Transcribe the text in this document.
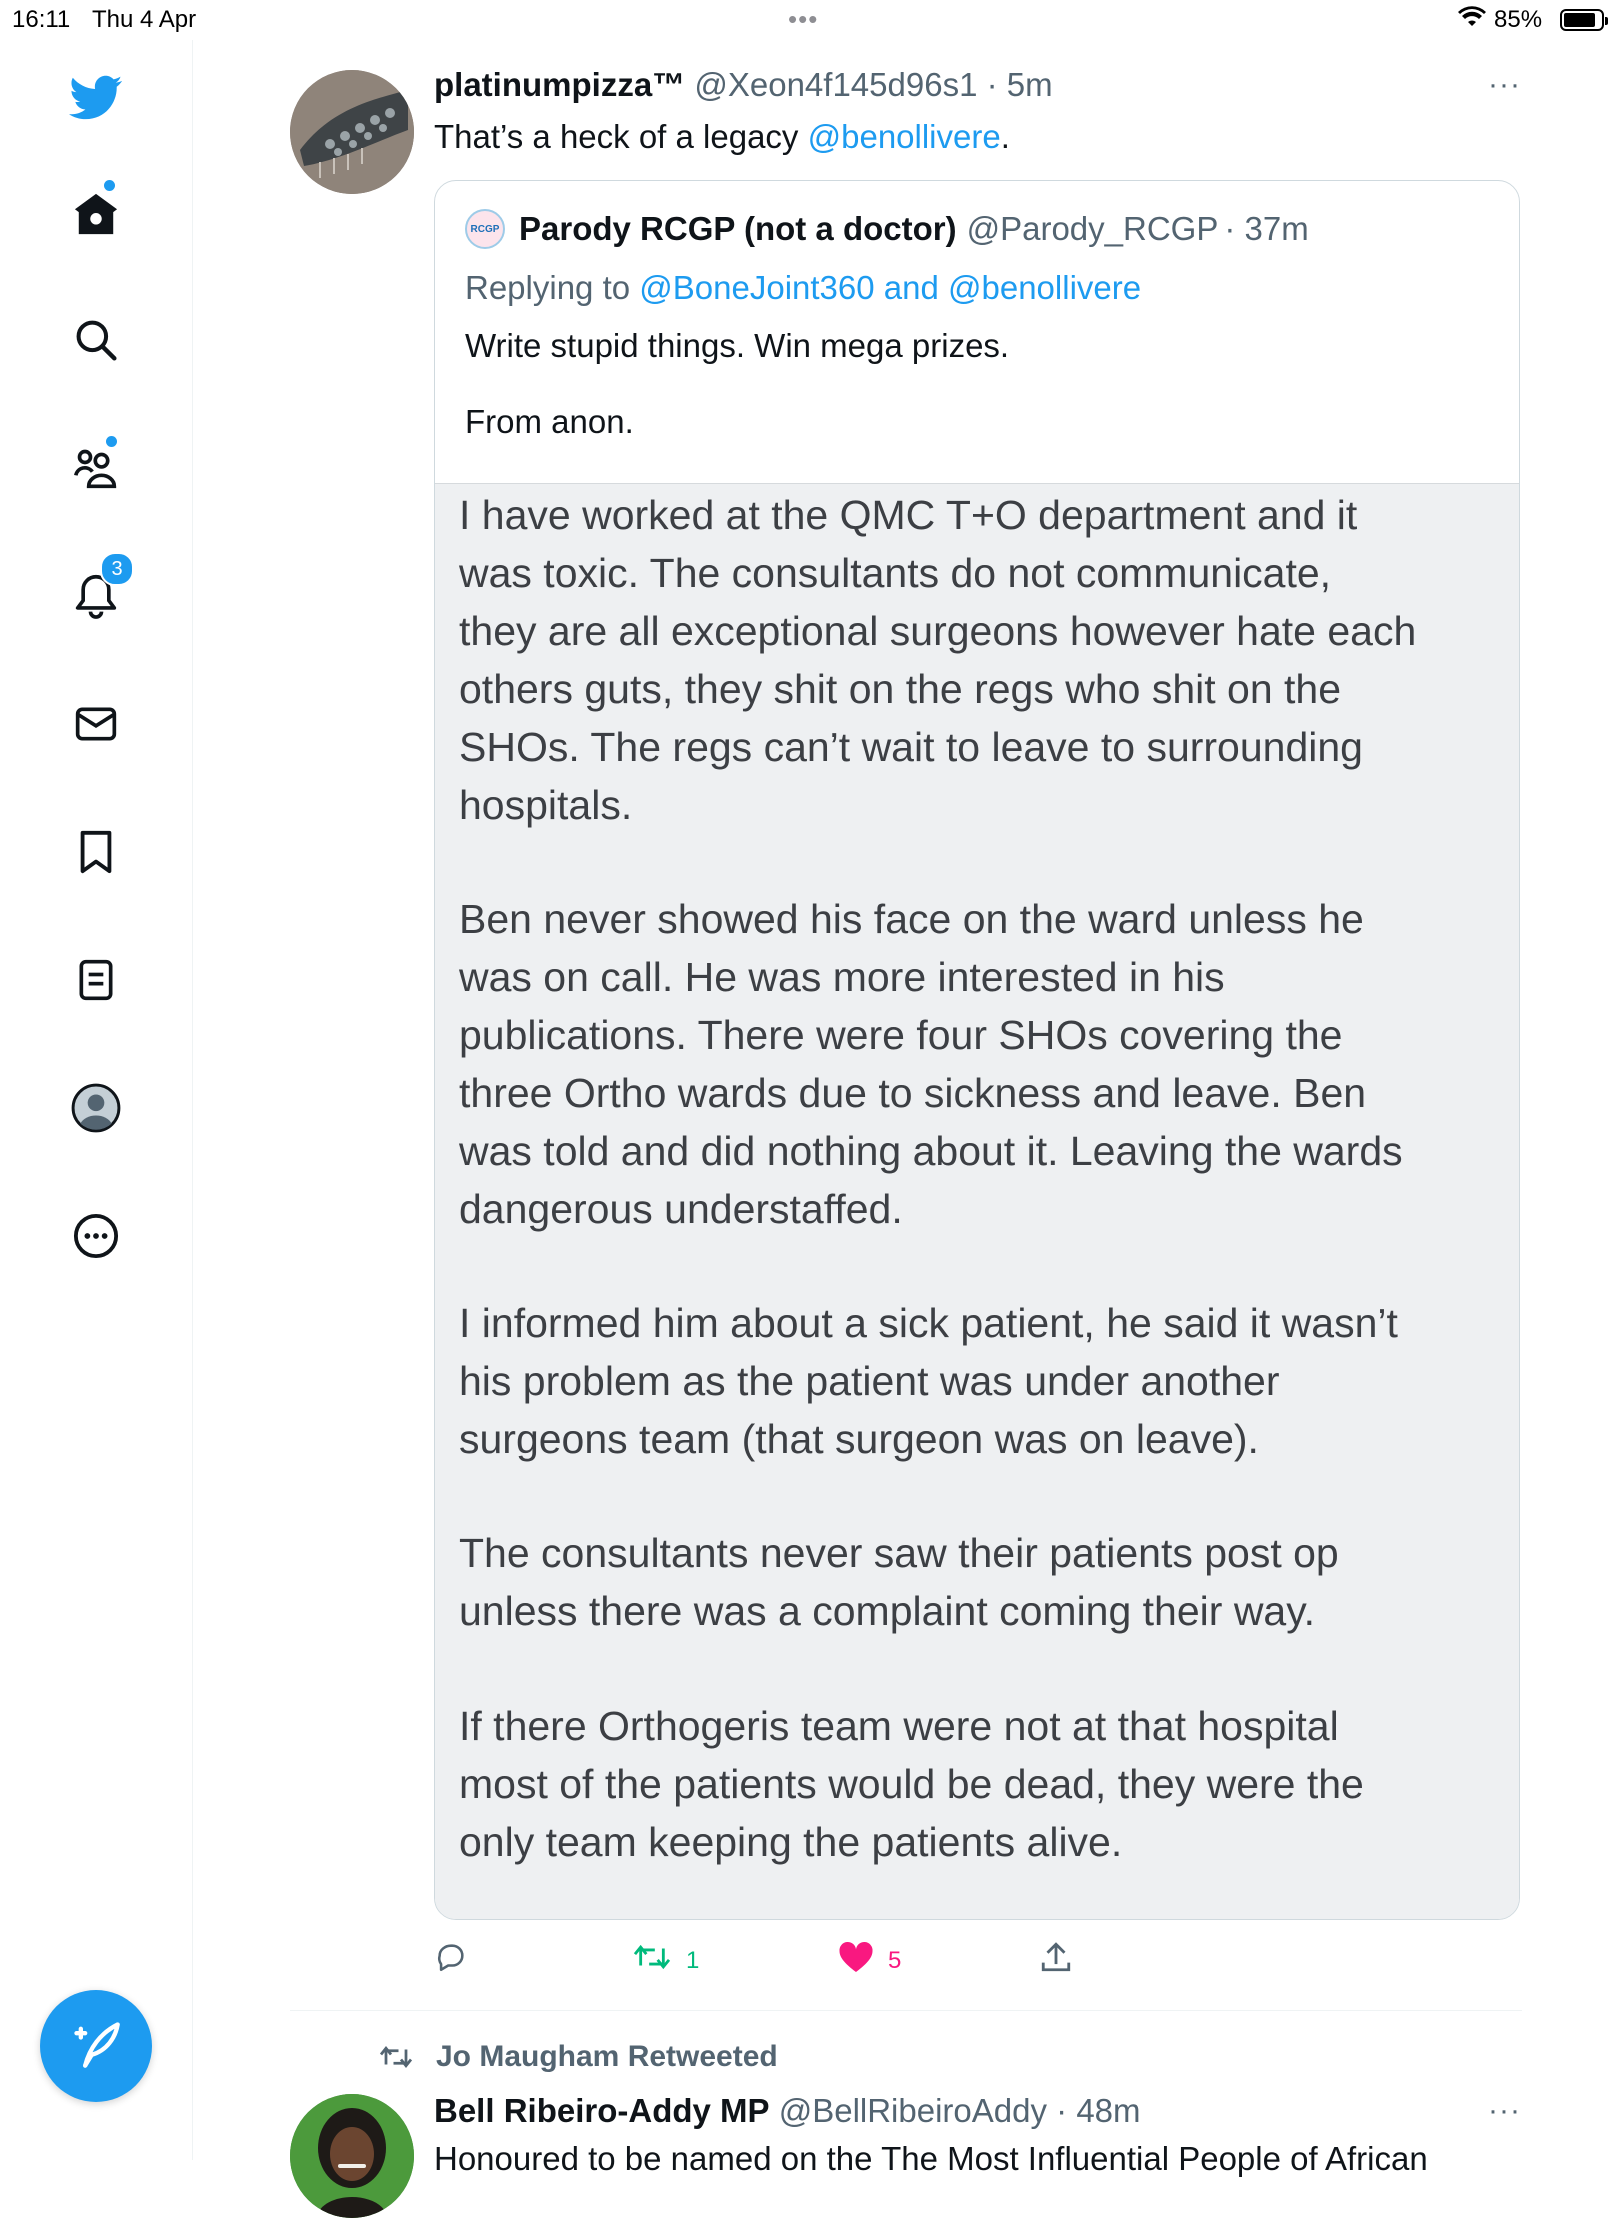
16:11 Thu 4 Apr	•••	85%
3
platinumpizza™ @Xeon4f145d96s1 · 5m	···
That’s a heck of a legacy @benollivere.
RCGP Parody RCGP (not a doctor) @Parody_RCGP · 37m
Replying to @BoneJoint360 and @benollivere
Write stupid things. Win mega prizes.
From anon.
I have worked at the QMC T+O department and it
was toxic. The consultants do not communicate,
they are all exceptional surgeons however hate each
others guts, they shit on the regs who shit on the
SHOs. The regs can’t wait to leave to surrounding
hospitals.
Ben never showed his face on the ward unless he
was on call. He was more interested in his
publications. There were four SHOs covering the
three Ortho wards due to sickness and leave. Ben
was told and did nothing about it. Leaving the wards
dangerous understaffed.
I informed him about a sick patient, he said it wasn’t
his problem as the patient was under another
surgeons team (that surgeon was on leave).
The consultants never saw their patients post op
unless there was a complaint coming their way.
If there Orthogeris team were not at that hospital
most of the patients would be dead, they were the
only team keeping the patients alive.
1	5
Jo Maugham Retweeted
Bell Ribeiro-Addy MP @BellRibeiroAddy · 48m	···
Honoured to be named on the The Most Influential People of African
